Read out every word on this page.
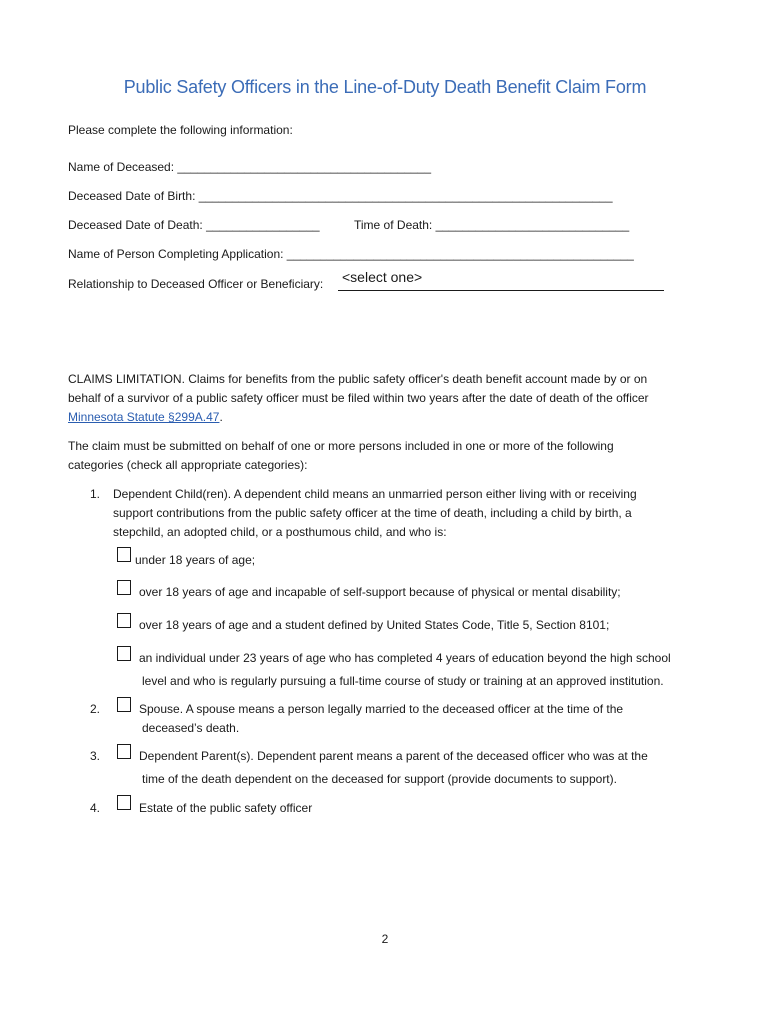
Public Safety Officers in the Line-of-Duty Death Benefit Claim Form
Please complete the following information:
Name of Deceased: ______________________________________
Deceased Date of Birth: ______________________________________________________________
Deceased Date of Death: _________________	Time of Death: _____________________________
Name of Person Completing Application: ____________________________________________________
Relationship to Deceased Officer or Beneficiary: <select one>
CLAIMS LIMITATION. Claims for benefits from the public safety officer's death benefit account made by or on
behalf of a survivor of a public safety officer must be filed within two years after the date of death of the officer
Minnesota Statute §299A.47.
The claim must be submitted on behalf of one or more persons included in one or more of the following
categories (check all appropriate categories):
1. Dependent Child(ren). A dependent child means an unmarried person either living with or receiving
support contributions from the public safety officer at the time of death, including a child by birth, a
stepchild, an adopted child, or a posthumous child, and who is:
under 18 years of age;
over 18 years of age and incapable of self-support because of physical or mental disability;
over 18 years of age and a student defined by United States Code, Title 5, Section 8101;
an individual under 23 years of age who has completed 4 years of education beyond the high school
level and who is regularly pursuing a full-time course of study or training at an approved institution.
2.	Spouse. A spouse means a person legally married to the deceased officer at the time of the
deceased’s death.
3.	Dependent Parent(s). Dependent parent means a parent of the deceased officer who was at the
time of the death dependent on the deceased for support (provide documents to support).
4.	Estate of the public safety officer
2
